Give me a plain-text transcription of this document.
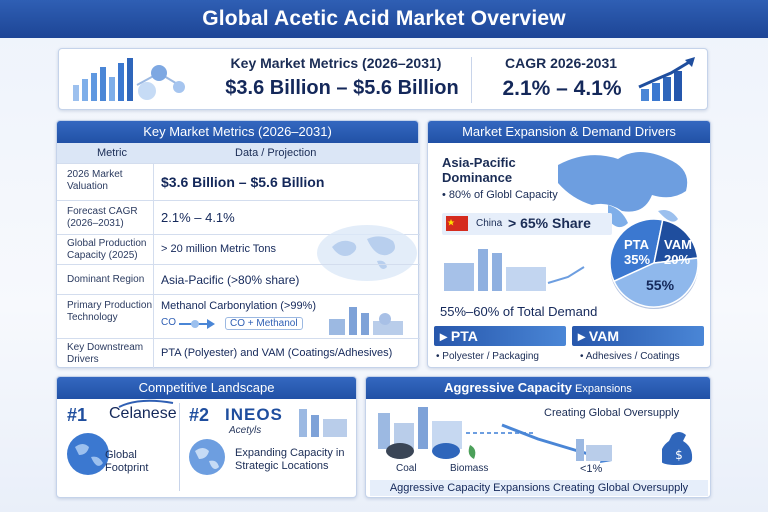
Global Acetic Acid Market Overview
Key Market Metrics (2026–2031)
$3.6 Billion – $5.6 Billion
CAGR 2026-2031
2.1% – 4.1%
Key Market Metrics (2026–2031)
Metric	Data / Projection
2026 Market Valuation	$3.6 Billion – $5.6 Billion
Forecast CAGR (2026–2031)	2.1% – 4.1%
Global Production Capacity (2025)	> 20 million Metric Tons
Dominant Region	Asia-Pacific (>80% share)
Primary Production Technology
Methanol Carbonylation (>99%)
CO	CO + Methanol
Key Downstream Drivers	PTA (Polyester) and VAM (Coatings/Adhesives)
Market Expansion & Demand Drivers
Asia-Pacific Dominance
• 80% of Globl Capacity
China > 65% Share
PTA
35%
VAM
20%
55%
55%–60% of Total Demand
▸ PTA	▸ VAM
• Polyester / Packaging	• Adhesives / Coatings
Competitive Landscape
#1 Celanese
Global Footprint
#2 INEOS
Acetyls
Expanding Capacity in Strategic Locations
Aggressive Capacity Expansions
Creating Global Oversupply
$
Coal	Biomass	<1%
Aggressive Capacity Expansions Creating Global Oversupply
